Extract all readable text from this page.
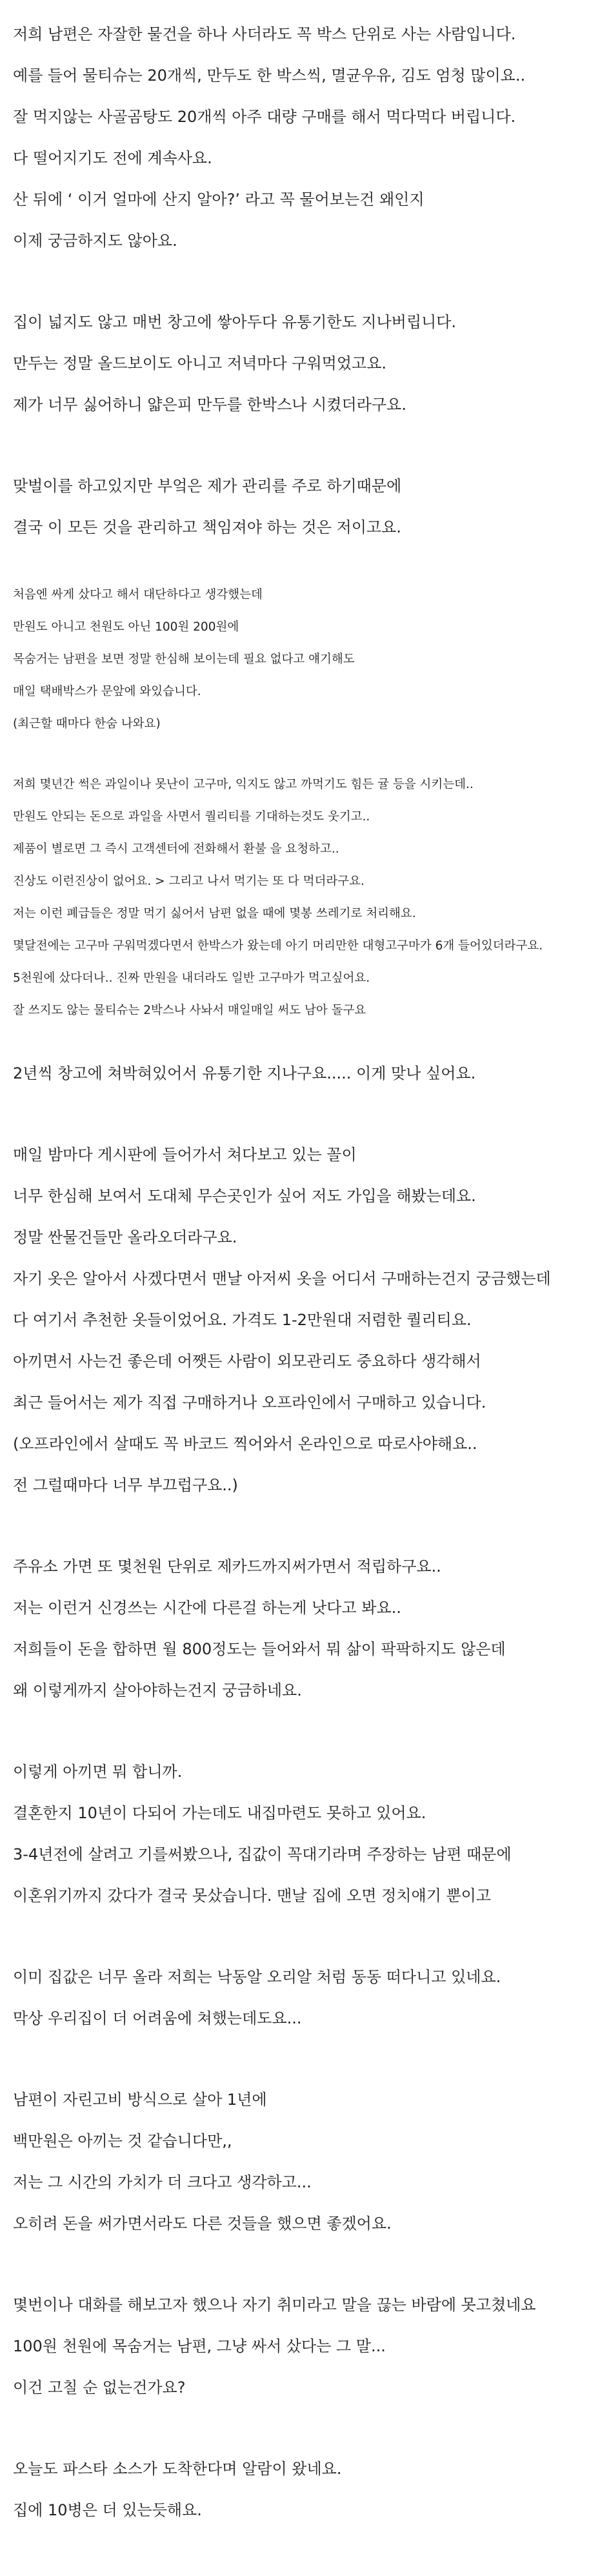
저희 남편은 자잘한 물건을 하나 사더라도 꼭 박스 단위로 사는 사람입니다.
예를 들어 물티슈는 20개씩, 만두도 한 박스씩, 멸균우유, 김도 엄청 많이요..
잘 먹지않는 사골곰탕도 20개씩 아주 대량 구매를 해서 먹다먹다 버립니다.
다 떨어지기도 전에 계속사요.
산 뒤에 ‘ 이거 얼마에 산지 알아?’ 라고 꼭 물어보는건 왜인지
이제 궁금하지도 않아요.
집이 넓지도 않고 매번 창고에 쌓아두다 유통기한도 지나버립니다.
만두는 정말 올드보이도 아니고 저녁마다 구워먹었고요.
제가 너무 싫어하니 얇은피 만두를 한박스나 시켰더라구요.
맞벌이를 하고있지만 부엌은 제가 관리를 주로 하기때문에
결국 이 모든 것을 관리하고 책임져야 하는 것은 저이고요.
처음엔 싸게 샀다고 해서 대단하다고 생각했는데
만원도 아니고 천원도 아닌 100원 200원에
목숨거는 남편을 보면 정말 한심해 보이는데 필요 없다고 얘기해도
매일 택배박스가 문앞에 와있습니다.
(최근할 때마다 한숨 나와요)
저희 몇년간 썩은 과일이나 못난이 고구마, 익지도 않고 까먹기도 힘든 귤 등을 시키는데..
만원도 안되는 돈으로 과일을 사면서 퀄리티를 기대하는것도 웃기고..
제품이 별로면 그 즉시 고객센터에 전화해서 환불 을 요청하고..
진상도 이런진상이 없어요. > 그리고 나서 먹기는 또 다 먹더라구요.
저는 이런 폐급들은 정말 먹기 싫어서 남편 없을 때에 몇봉 쓰레기로 처리해요.
몇달전에는 고구마 구워먹겠다면서 한박스가 왔는데 아기 머리만한 대형고구마가 6개 들어있더라구요.
5천원에 샀다더나.. 진짜 만원을 내더라도 일반 고구마가 먹고싶어요.
잘 쓰지도 않는 물티슈는 2박스나 사놔서 매일매일 써도 남아 돌구요
2년씩 창고에 쳐박혀있어서 유통기한 지나구요..... 이게 맞나 싶어요.
매일 밤마다 게시판에 들어가서 쳐다보고 있는 꼴이
너무 한심해 보여서 도대체 무슨곳인가 싶어 저도 가입을 해봤는데요.
정말 싼물건들만 올라오더라구요.
자기 옷은 알아서 사겠다면서 맨날 아저씨 옷을 어디서 구매하는건지 궁금했는데
다 여기서 추천한 옷들이었어요. 가격도 1-2만원대 저렴한 퀄리티요.
아끼면서 사는건 좋은데 어쨋든 사람이 외모관리도 중요하다 생각해서
최근 들어서는 제가 직접 구매하거나 오프라인에서 구매하고 있습니다.
(오프라인에서 살때도 꼭 바코드 찍어와서 온라인으로 따로사야해요..
전 그럴때마다 너무 부끄럽구요..)
주유소 가면 또 몇천원 단위로 제카드까지써가면서 적립하구요..
저는 이런거 신경쓰는 시간에 다른걸 하는게 낫다고 봐요..
저희들이 돈을 합하면 월 800정도는 들어와서 뭐 삶이 팍팍하지도 않은데
왜 이렇게까지 살아야하는건지 궁금하네요.
이렇게 아끼면 뭐 합니까.
결혼한지 10년이 다되어 가는데도 내집마련도 못하고 있어요.
3-4년전에 살려고 기를써봤으나, 집값이 꼭대기라며 주장하는 남편 때문에
이혼위기까지 갔다가 결국 못샀습니다. 맨날 집에 오면 정치얘기 뿐이고
이미 집값은 너무 올라 저희는 낙동알 오리알 처럼 동동 떠다니고 있네요.
막상 우리집이 더 어려움에 쳐했는데도요...
남편이 자린고비 방식으로 살아 1년에
백만원은 아끼는 것 같습니다만,,
저는 그 시간의 가치가 더 크다고 생각하고...
오히려 돈을 써가면서라도 다른 것들을 했으면 좋겠어요.
몇번이나 대화를 해보고자 했으나 자기 취미라고 말을 끊는 바람에 못고쳤네요
100원 천원에 목숨거는 남편, 그냥 싸서 샀다는 그 말...
이건 고칠 순 없는건가요?
오늘도 파스타 소스가 도착한다며 알람이 왔네요.
집에 10병은 더 있는듯해요.
